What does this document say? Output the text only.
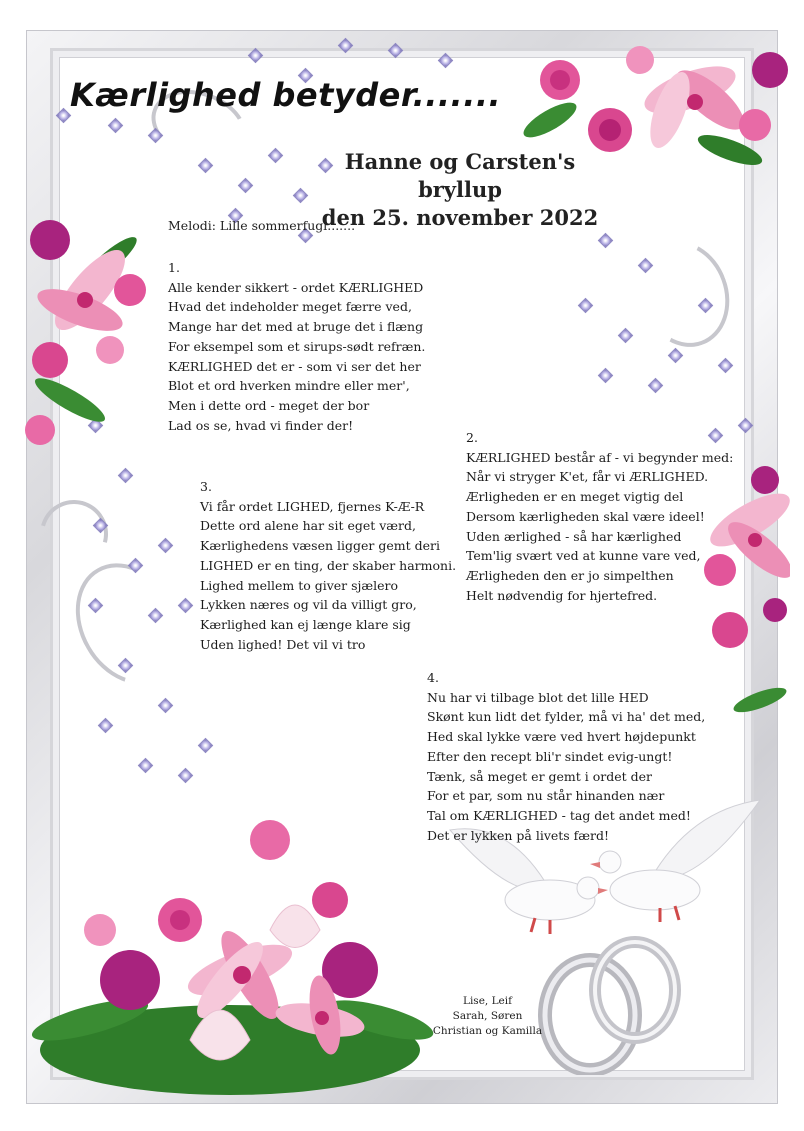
Kærlighed betyder.......
Hanne og Carsten's bryllup
den 25. november 2022
Melodi: Lille sommerfugl.......
1.
Alle kender sikkert - ordet KÆRLIGHED
Hvad det indeholder meget færre ved,
Mange har det med at bruge det i flæng
For eksempel som et sirups-sødt refræn.
KÆRLIGHED det er - som vi ser det her
Blot et ord hverken mindre eller mer',
Men i dette ord - meget der bor
Lad os se, hvad vi finder der!
2.
KÆRLIGHED består af - vi begynder med:
Når vi stryger K'et, får vi ÆRLIGHED.
Ærligheden er en meget vigtig del
Dersom kærligheden skal være ideel!
Uden ærlighed - så har kærlighed
Tem'lig svært ved at kunne vare ved,
Ærligheden den er jo simpelthen
Helt nødvendig for hjertefred.
3.
Vi får ordet LIGHED, fjernes K-Æ-R
Dette ord alene har sit eget værd,
Kærlighedens væsen ligger gemt deri
LIGHED er en ting, der skaber harmoni.
Lighed mellem to giver sjælero
Lykken næres og vil da villigt gro,
Kærlighed kan ej længe klare sig
Uden lighed! Det vil vi tro
4.
Nu har vi tilbage blot det lille HED
Skønt kun lidt det fylder, må vi ha' det med,
Hed skal lykke være ved hvert højdepunkt
Efter den recept bli'r sindet evig-ungt!
Tænk, så meget er gemt i ordet der
For et par, som nu står hinanden nær
Tal om KÆRLIGHED - tag det andet med!
Det er lykken på livets færd!
Lise, Leif
Sarah, Søren
Christian og Kamilla
